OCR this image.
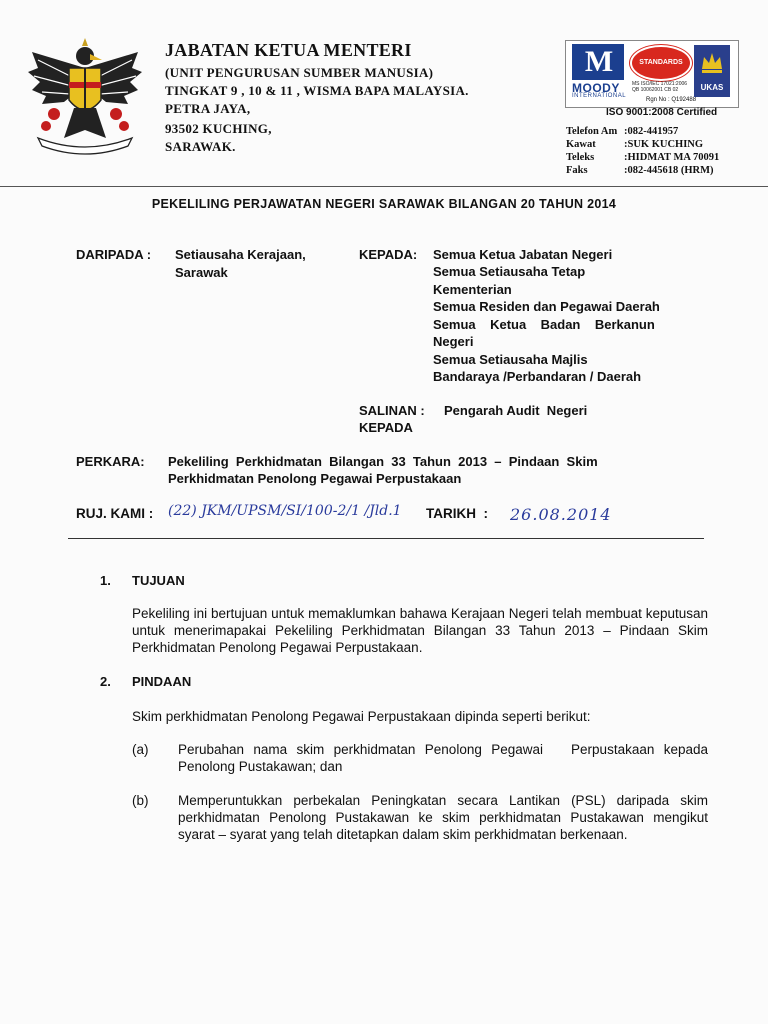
JABATAN KETUA MENTERI
(UNIT PENGURUSAN SUMBER MANUSIA)
TINGKAT 9 , 10 & 11 , WISMA BAPA MALAYSIA.
PETRA JAYA,
93502 KUCHING,
SARAWAK.
M
MOODY
INTERNATIONAL
STANDARDS
MS ISO/IEC 17021:2006 QB 10062001 CB 02
Rgn No : Q192488
UKAS
ISO 9001:2008 Certified
Telefon Am :082-441957
Kawat	:SUK KUCHING
Teleks	:HIDMAT MA 70091
Faks	:082-445618 (HRM)
PEKELILING PERJAWATAN NEGERI SARAWAK BILANGAN 20 TAHUN 2014
DARIPADA : Setiausaha Kerajaan,
Sarawak
KEPADA: Semua Ketua Jabatan Negeri
Semua Setiausaha Tetap
Kementerian
Semua Residen dan Pegawai Daerah
Semua    Ketua    Badan    Berkanun
Negeri
Semua Setiausaha Majlis
Bandaraya /Perbandaran / Daerah
SALINAN : Pengarah Audit  Negeri
KEPADA
PERKARA: Pekeliling  Perkhidmatan  Bilangan  33  Tahun  2013  –  Pindaan  Skim
Perkhidmatan Penolong Pegawai Perpustakaan
RUJ. KAMI : (22) JKM/UPSM/SI/100-2/1 /Jld.1 TARIKH  : 26.08.2014
1. TUJUAN
Pekeliling ini bertujuan untuk memaklumkan bahawa Kerajaan Negeri telah membuat keputusan untuk menerimapakai Pekeliling Perkhidmatan Bilangan 33 Tahun 2013 – Pindaan Skim Perkhidmatan Penolong Pegawai Perpustakaan.
2. PINDAAN
Skim perkhidmatan Penolong Pegawai Perpustakaan dipinda seperti berikut:
(a) Perubahan nama skim perkhidmatan Penolong Pegawai   Perpustakaan kepada Penolong Pustakawan; dan
(b) Memperuntukkan perbekalan Peningkatan secara Lantikan (PSL) daripada skim perkhidmatan Penolong Pustakawan ke skim perkhidmatan Pustakawan mengikut syarat – syarat yang telah ditetapkan dalam skim perkhidmatan berkenaan.
